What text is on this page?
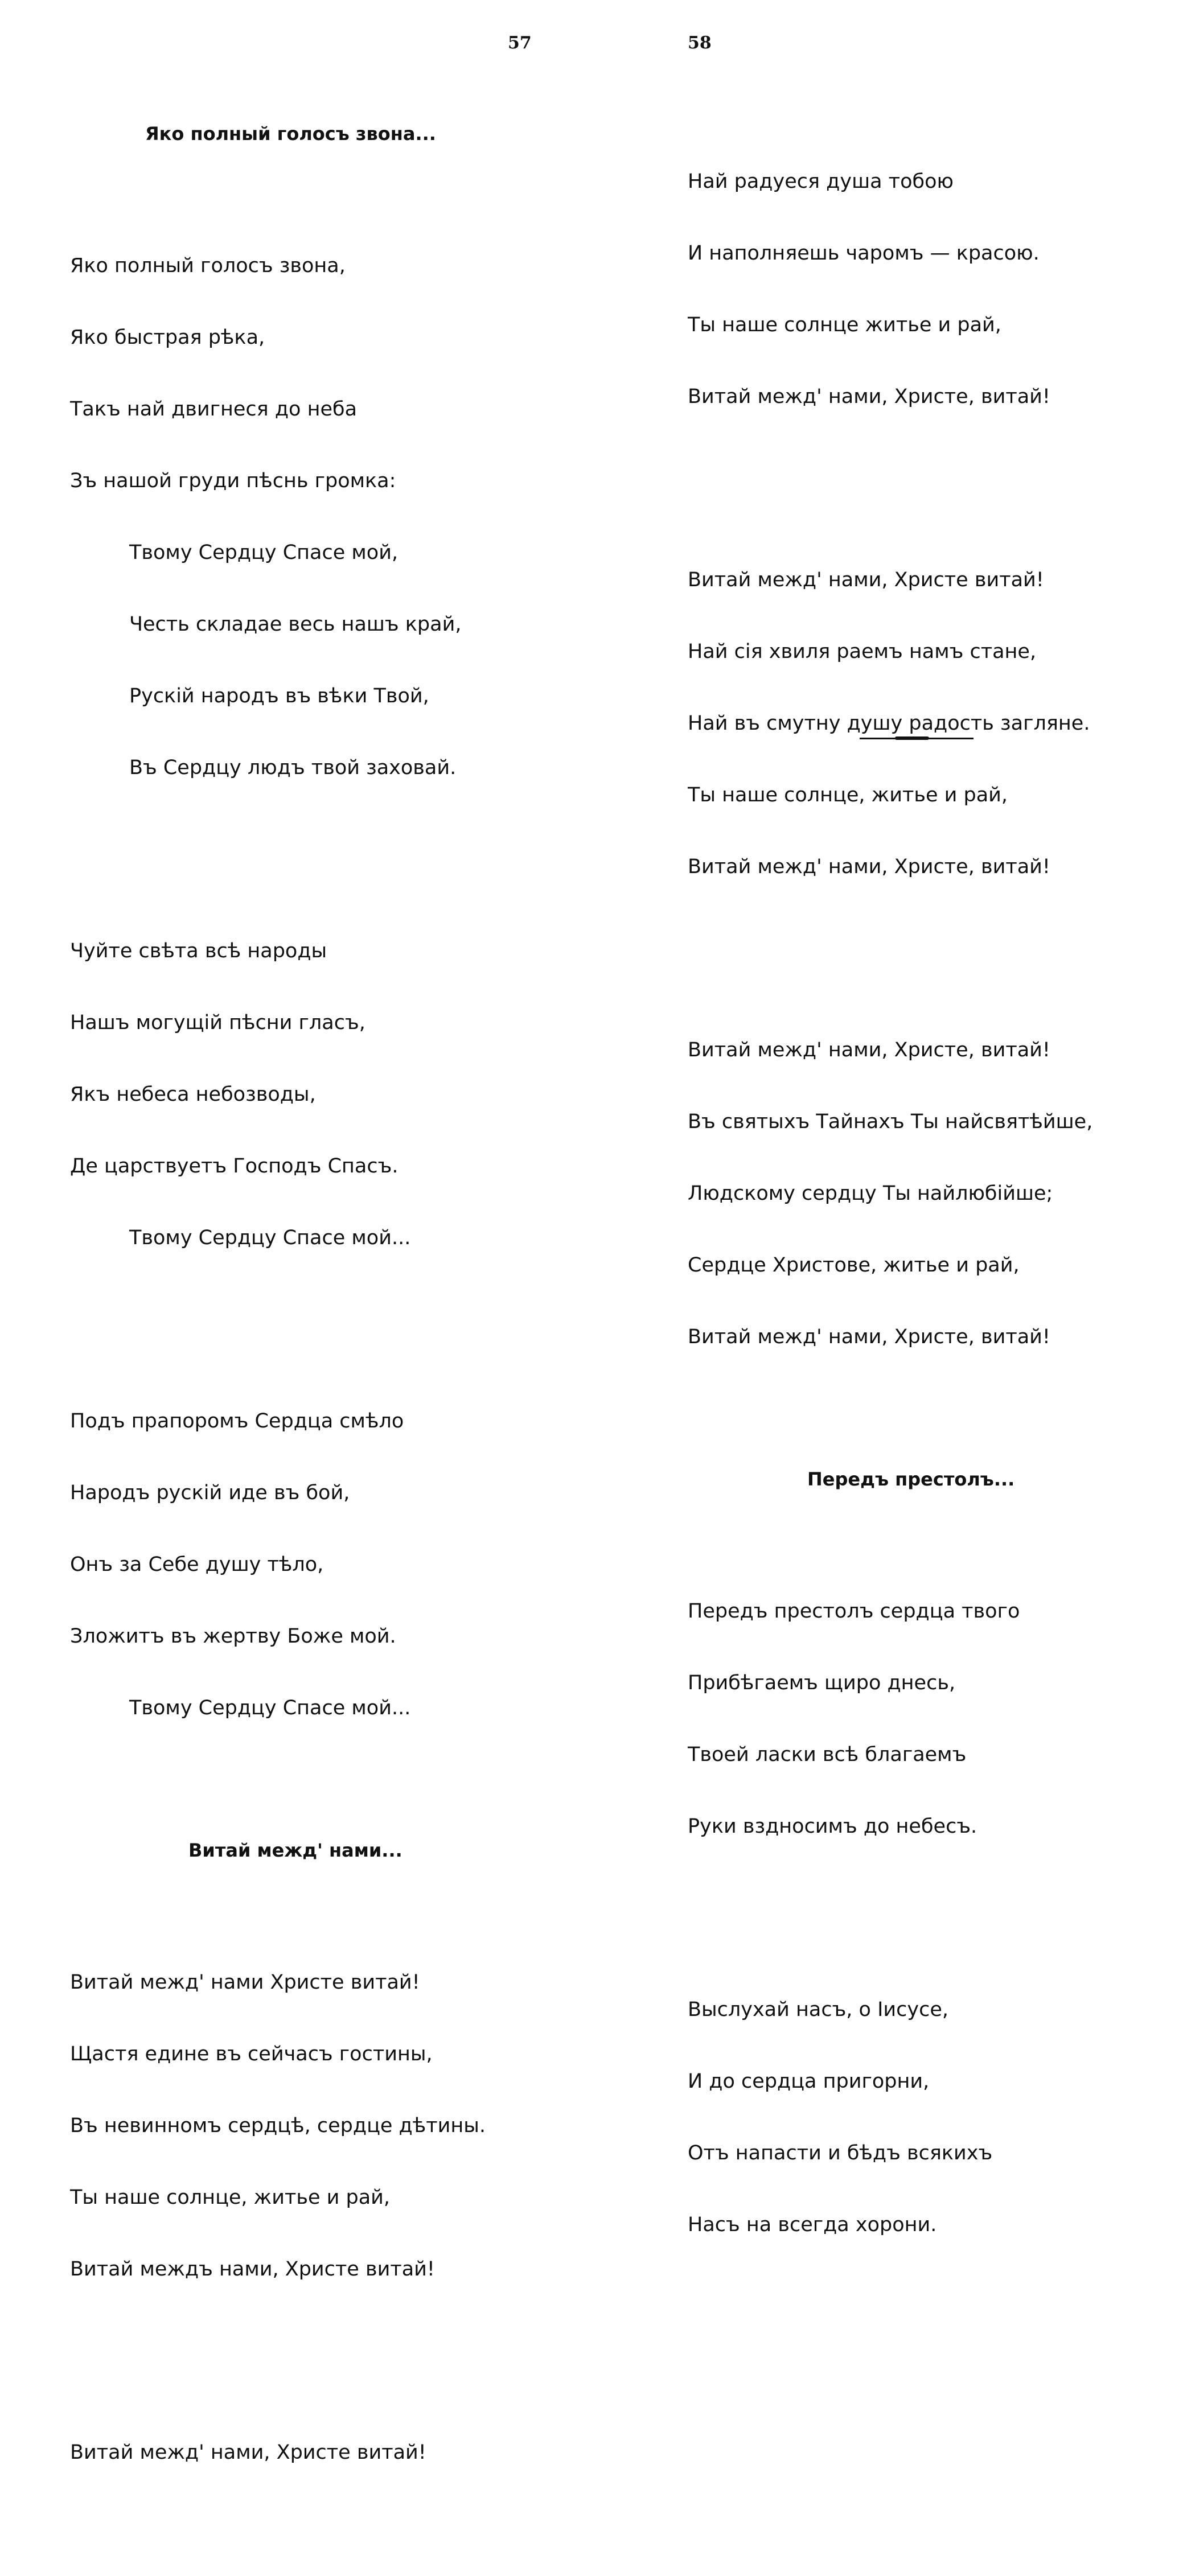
57

Яко полный голосъ звона...

Яко полный голосъ звона,

Яко быстрая рѣка,

Такъ най двигнеся до неба

Зъ нашой груди пѣснь громка:

Твому Сердцу Спасе мой,

Честь складае весь нашъ край,

Рускій народъ въ вѣки Твой,

Въ Сердцу людъ твой заховай.

Чуйте свѣта всѣ народы

Нашъ могущій пѣсни гласъ,

Якъ небеса небозводы,

Де царствуетъ Господъ Спасъ.

Твому Сердцу Спасе мой...

Подъ прапоромъ Сердца смѣло

Народъ рускій иде въ бой,

Онъ за Себе душу тѣло,

Зложитъ въ жертву Боже мой.

Твому Сердцу Спасе мой...

Витай межд' нами...

Витай межд' нами Христе витай!

Щастя едине въ сейчасъ гостины,

Въ невинномъ сердцѣ, сердце дѣтины.

Ты наше солнце, житье и рай,

Витай междъ нами, Христе витай!

Витай межд' нами, Христе витай!

58

Най радуеся душа тобою

И наполняешь чаромъ — красою.

Ты наше солнце житье и рай,

Витай межд' нами, Христе, витай!

Витай межд' нами, Христе витай!

Най сія хвиля раемъ намъ стане,

Най въ смутну душу радость загляне.

Ты наше солнце, житье и рай,

Витай межд' нами, Христе, витай!

Витай межд' нами, Христе, витай!

Въ святыхъ Тайнахъ Ты найсвятѣйше,

Людскому сердцу Ты найлюбійше;

Сердце Христове, житье и рай,

Витай межд' нами, Христе, витай!

Передъ престолъ...

Передъ престолъ сердца твого

Прибѣгаемъ щиро днесь,

Твоей ласки всѣ благаемъ

Руки вздносимъ до небесъ.

Выслухай насъ, о Іисусе,

И до сердца пригорни,

Отъ напасти и бѣдъ всякихъ

Насъ на всегда хорони.
